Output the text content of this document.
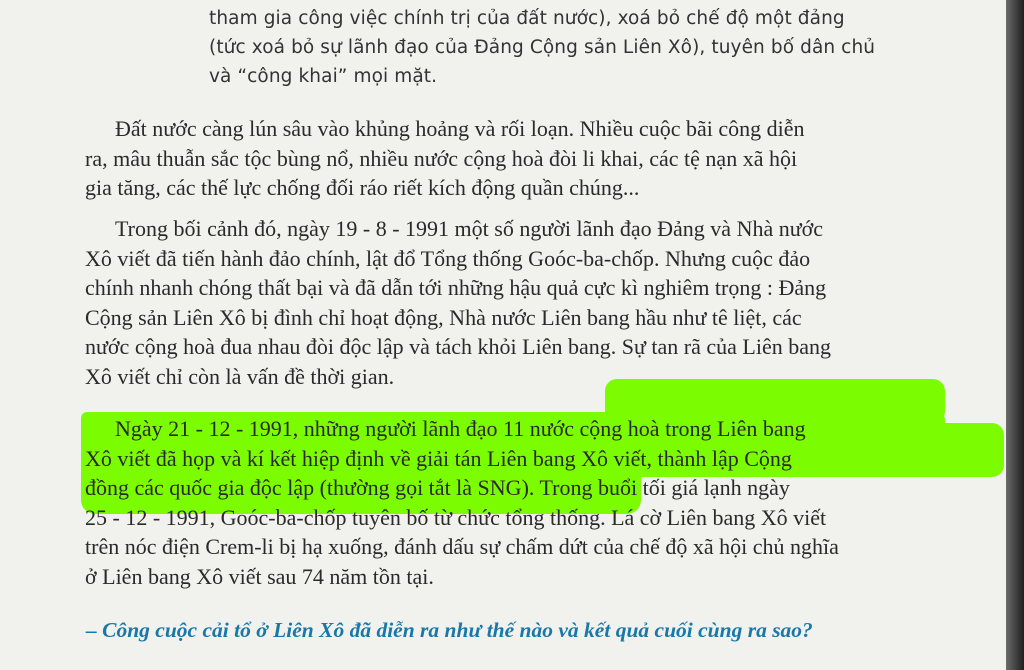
tham gia công việc chính trị của đất nước), xoá bỏ chế độ một đảng
(tức xoá bỏ sự lãnh đạo của Đảng Cộng sản Liên Xô), tuyên bố dân chủ
và “công khai” mọi mặt.
Đất nước càng lún sâu vào khủng hoảng và rối loạn. Nhiều cuộc bãi công diễn
ra, mâu thuẫn sắc tộc bùng nổ, nhiều nước cộng hoà đòi li khai, các tệ nạn xã hội
gia tăng, các thế lực chống đối ráo riết kích động quần chúng...
Trong bối cảnh đó, ngày 19 - 8 - 1991 một số người lãnh đạo Đảng và Nhà nước
Xô viết đã tiến hành đảo chính, lật đổ Tổng thống Goóc-ba-chốp. Nhưng cuộc đảo
chính nhanh chóng thất bại và đã dẫn tới những hậu quả cực kì nghiêm trọng : Đảng
Cộng sản Liên Xô bị đình chỉ hoạt động, Nhà nước Liên bang hầu như tê liệt, các
nước cộng hoà đua nhau đòi độc lập và tách khỏi Liên bang. Sự tan rã của Liên bang
Xô viết chỉ còn là vấn đề thời gian.
Ngày 21 - 12 - 1991, những người lãnh đạo 11 nước cộng hoà trong Liên bang
Xô viết đã họp và kí kết hiệp định về giải tán Liên bang Xô viết, thành lập Cộng
đồng các quốc gia độc lập (thường gọi tắt là SNG). Trong buổi tối giá lạnh ngày
25 - 12 - 1991, Goóc-ba-chốp tuyên bố từ chức tổng thống. Lá cờ Liên bang Xô viết
trên nóc điện Crem-li bị hạ xuống, đánh dấu sự chấm dứt của chế độ xã hội chủ nghĩa
ở Liên bang Xô viết sau 74 năm tồn tại.
– Công cuộc cải tổ ở Liên Xô đã diễn ra như thế nào và kết quả cuối cùng ra sao?
